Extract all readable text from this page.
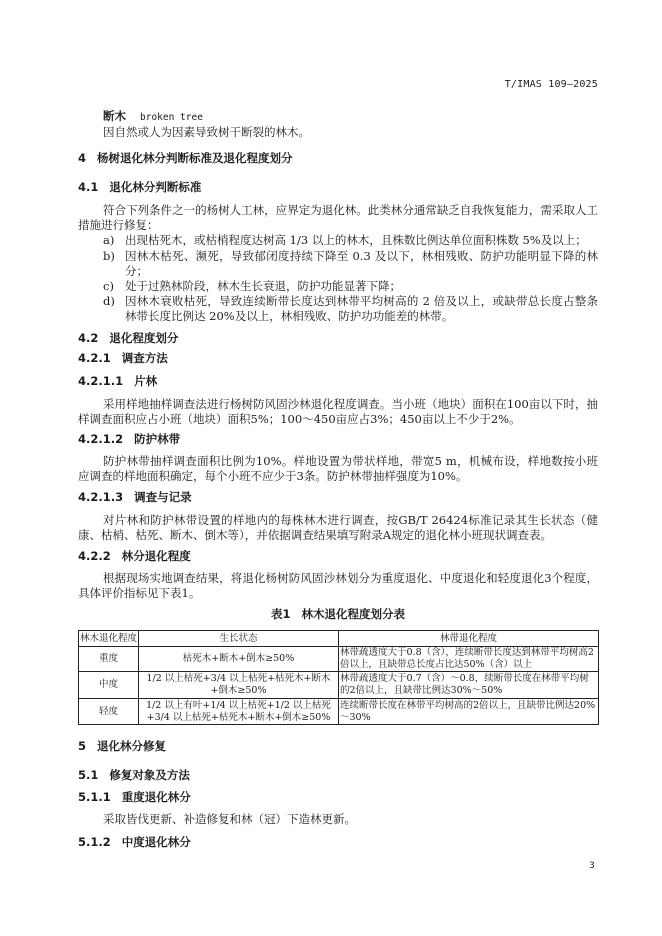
T/IMAS 109—2025
断木 broken tree
因自然或人为因素导致树干断裂的林木。
4 杨树退化林分判断标准及退化程度划分
4.1 退化林分判断标准
符合下列条件之一的杨树人工林，应界定为退化林。此类林分通常缺乏自我恢复能力，需采取人工措施进行修复：
a) 出现枯死木，或枯梢程度达树高 1/3 以上的林木，且株数比例达单位面积株数 5%及以上；
b) 因林木枯死、濒死，导致郁闭度持续下降至 0.3 及以下，林相残败、防护功能明显下降的林分；
c) 处于过熟林阶段，林木生长衰退，防护功能显著下降；
d) 因林木衰败枯死，导致连续断带长度达到林带平均树高的 2 倍及以上，或缺带总长度占整条林带长度比例达 20%及以上，林相残败、防护功功能差的林带。
4.2 退化程度划分
4.2.1 调查方法
4.2.1.1 片林
采用样地抽样调查法进行杨树防风固沙林退化程度调查。当小班（地块）面积在100亩以下时，抽样调查面积应占小班（地块）面积5%；100～450亩应占3%；450亩以上不少于2%。
4.2.1.2 防护林带
防护林带抽样调查面积比例为10%。样地设置为带状样地，带宽5 m，机械布设，样地数按小班应调查的样地面积确定，每个小班不应少于3条。防护林带抽样强度为10%。
4.2.1.3 调查与记录
对片林和防护林带设置的样地内的每株林木进行调查，按GB/T 26424标准记录其生长状态（健康、枯梢、枯死、断木、倒木等），并依据调查结果填写附录A规定的退化林小班现状调查表。
4.2.2 林分退化程度
根据现场实地调查结果，将退化杨树防风固沙林划分为重度退化、中度退化和轻度退化3个程度，具体评价指标见下表1。
表1 林木退化程度划分表
林木退化程度	生长状态	林带退化程度
重度	枯死木+断木+倒木≥50%	林带疏透度大于0.8（含），连续断带长度达到林带平均树高2倍以上，且缺带总长度占比达50%（含）以上
中度	1/2 以上枯死+3/4 以上枯死+枯死木+断木+倒木≥50%	林带疏透度大于0.7（含）～0.8，续断带长度在林带平均树的2倍以上，且缺带比例达30%～50%
轻度	1/2 以上有叶+1/4 以上枯死+1/2 以上枯死+3/4 以上枯死+枯死木+断木+倒木≥50%	连续断带长度在林带平均树高的2倍以上，且缺带比例达20%～30%
5 退化林分修复
5.1 修复对象及方法
5.1.1 重度退化林分
采取皆伐更新、补造修复和林（冠）下造林更新。
5.1.2 中度退化林分
3
